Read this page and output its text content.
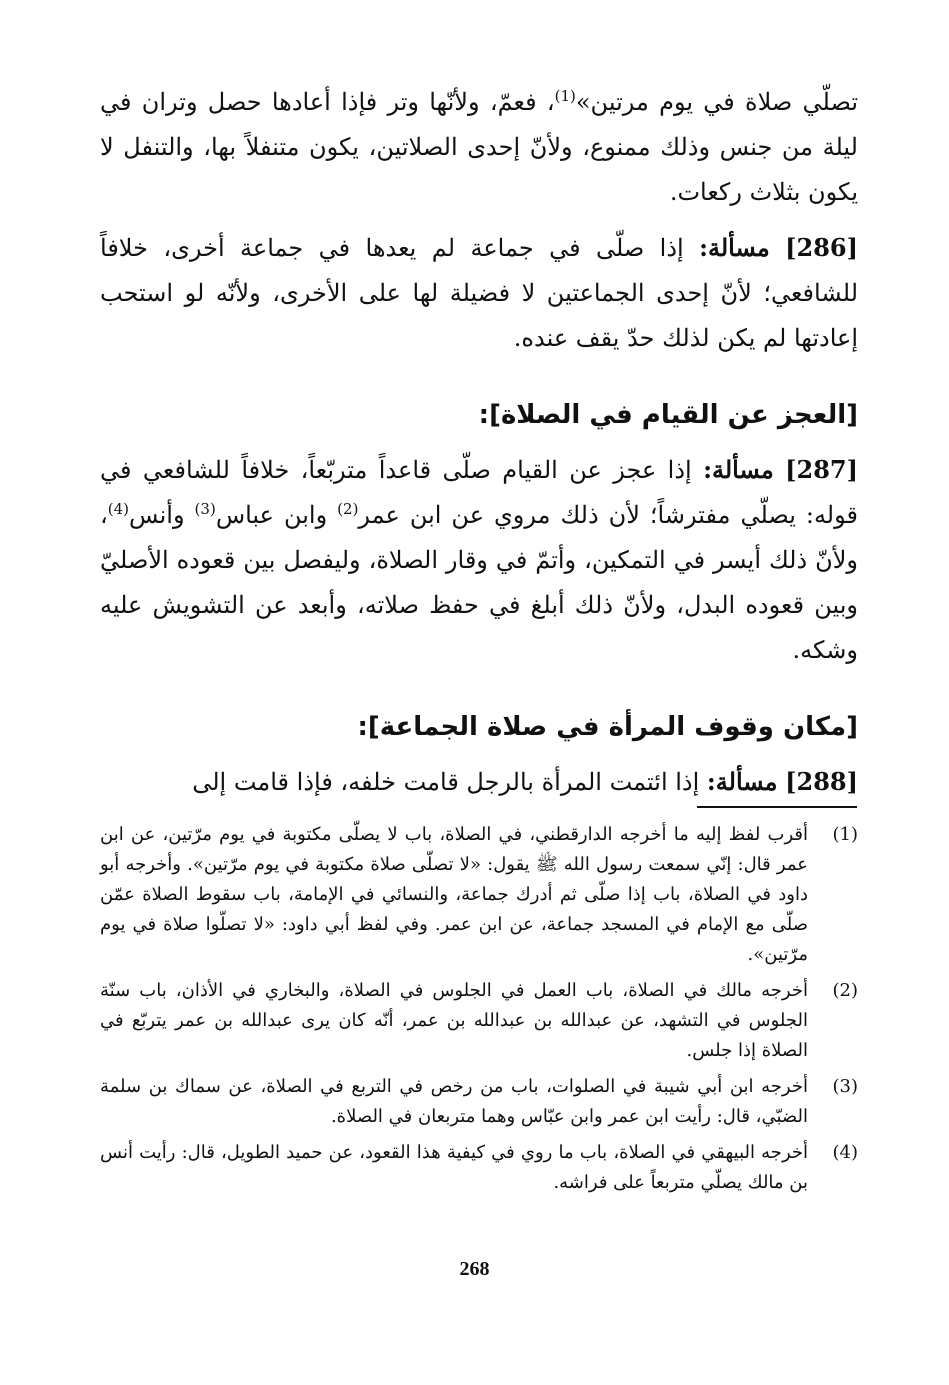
تصلّي صلاة في يوم مرتين»$^{(1)}$، فعمّ، ولأنّها وتر فإذا أعادها حصل وتران في ليلة من جنس وذلك ممنوع، ولأنّ إحدى الصلاتين، يكون متنفلاً بها، والتنفل لا يكون بثلاث ركعات.

[286] مسألة: إذا صلّى في جماعة لم يعدها في جماعة أخرى، خلافاً للشافعي؛ لأنّ إحدى الجماعتين لا فضيلة لها على الأخرى، ولأنّه لو استحب إعادتها لم يكن لذلك حدّ يقف عنده.

[العجز عن القيام في الصلاة]:

[287] مسألة: إذا عجز عن القيام صلّى قاعداً متربّعاً، خلافاً للشافعي في قوله: يصلّي مفترشاً؛ لأن ذلك مروي عن ابن عمر$^{(2)}$ وابن عباس$^{(3)}$ وأنس$^{(4)}$، ولأنّ ذلك أيسر في التمكين، وأتمّ في وقار الصلاة، وليفصل بين قعوده الأصليّ وبين قعوده البدل، ولأنّ ذلك أبلغ في حفظ صلاته، وأبعد عن التشويش عليه وشكه.

[مكان وقوف المرأة في صلاة الجماعة]:

[288] مسألة: إذا ائتمت المرأة بالرجل قامت خلفه، فإذا قامت إلى

(1)
أقرب لفظ إليه ما أخرجه الدارقطني، في الصلاة، باب لا يصلّى مكتوبة في يوم مرّتين، عن ابن عمر قال: إنّي سمعت رسول الله ﷺ يقول: «لا تصلّى صلاة مكتوبة في يوم مرّتين». وأخرجه أبو داود في الصلاة، باب إذا صلّى ثم أدرك جماعة، والنسائي في الإمامة، باب سقوط الصلاة عمّن صلّى مع الإمام في المسجد جماعة، عن ابن عمر. وفي لفظ أبي داود: «لا تصلّوا صلاة في يوم مرّتين».
(2)
أخرجه مالك في الصلاة، باب العمل في الجلوس في الصلاة، والبخاري في الأذان، باب سنّة الجلوس في التشهد، عن عبدالله بن عبدالله بن عمر، أنّه كان يرى عبدالله بن عمر يتربّع في الصلاة إذا جلس.
(3)
أخرجه ابن أبي شيبة في الصلوات، باب من رخص في التربع في الصلاة، عن سماك بن سلمة الضبّي، قال: رأيت ابن عمر وابن عبّاس وهما متربعان في الصلاة.
(4)
أخرجه البيهقي في الصلاة، باب ما روي في كيفية هذا القعود، عن حميد الطويل، قال: رأيت أنس بن مالك يصلّي متربعاً على فراشه.
268
